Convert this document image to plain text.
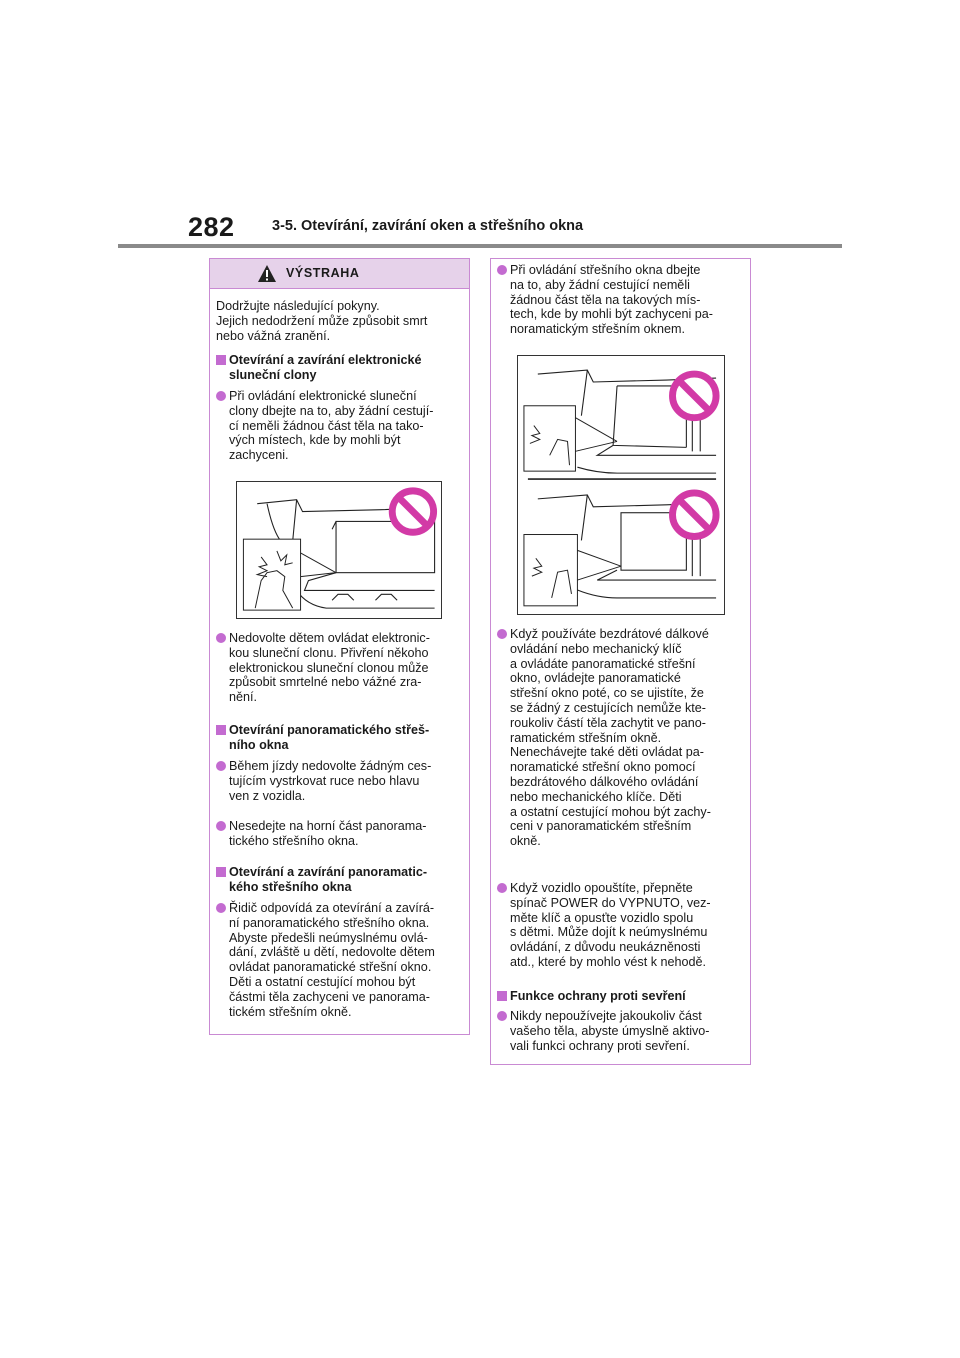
282	3-5. Otevírání, zavírání oken a střešního okna
VÝSTRAHA
Dodržujte následující pokyny.
Jejich nedodržení může způsobit smrt
nebo vážná zranění.
Otevírání a zavírání elektronické
sluneční clony
Při ovládání elektronické sluneční
clony dbejte na to, aby žádní cestují-
cí neměli žádnou část těla na tako-
vých místech, kde by mohli být
zachyceni.
Nedovolte dětem ovládat elektronic-
kou sluneční clonu. Přivření někoho
elektronickou sluneční clonou může
způsobit smrtelné nebo vážné zra-
nění.
Otevírání panoramatického střeš-
ního okna
Během jízdy nedovolte žádným ces-
tujícím vystrkovat ruce nebo hlavu
ven z vozidla.
Nesedejte na horní část panorama-
tického střešního okna.
Otevírání a zavírání panoramatic-
kého střešního okna
Řidič odpovídá za otevírání a zavírá-
ní panoramatického střešního okna.
Abyste předešli neúmyslnému ovlá-
dání, zvláště u dětí, nedovolte dětem
ovládat panoramatické střešní okno.
Děti a ostatní cestující mohou být
částmi těla zachyceni ve panorama-
tickém střešním okně.
Při ovládání střešního okna dbejte
na to, aby žádní cestující neměli
žádnou část těla na takových mís-
tech, kde by mohli být zachyceni pa-
noramatickým střešním oknem.
Když používáte bezdrátové dálkové
ovládání nebo mechanický klíč
a ovládáte panoramatické střešní
okno, ovládejte panoramatické
střešní okno poté, co se ujistíte, že
se žádný z cestujících nemůže kte-
roukoliv částí těla zachytit ve pano-
ramatickém střešním okně.
Nenechávejte také děti ovládat pa-
noramatické střešní okno pomocí
bezdrátového dálkového ovládání
nebo mechanického klíče. Děti
a ostatní cestující mohou být zachy-
ceni v panoramatickém střešním
okně.
Když vozidlo opouštíte, přepněte
spínač POWER do VYPNUTO, vez-
měte klíč a opusťte vozidlo spolu
s dětmi. Může dojít k neúmyslnému
ovládání, z důvodu neukázněnosti
atd., které by mohlo vést k nehodě.
Funkce ochrany proti sevření
Nikdy nepoužívejte jakoukoliv část
vašeho těla, abyste úmyslně aktivo-
vali funkci ochrany proti sevření.
